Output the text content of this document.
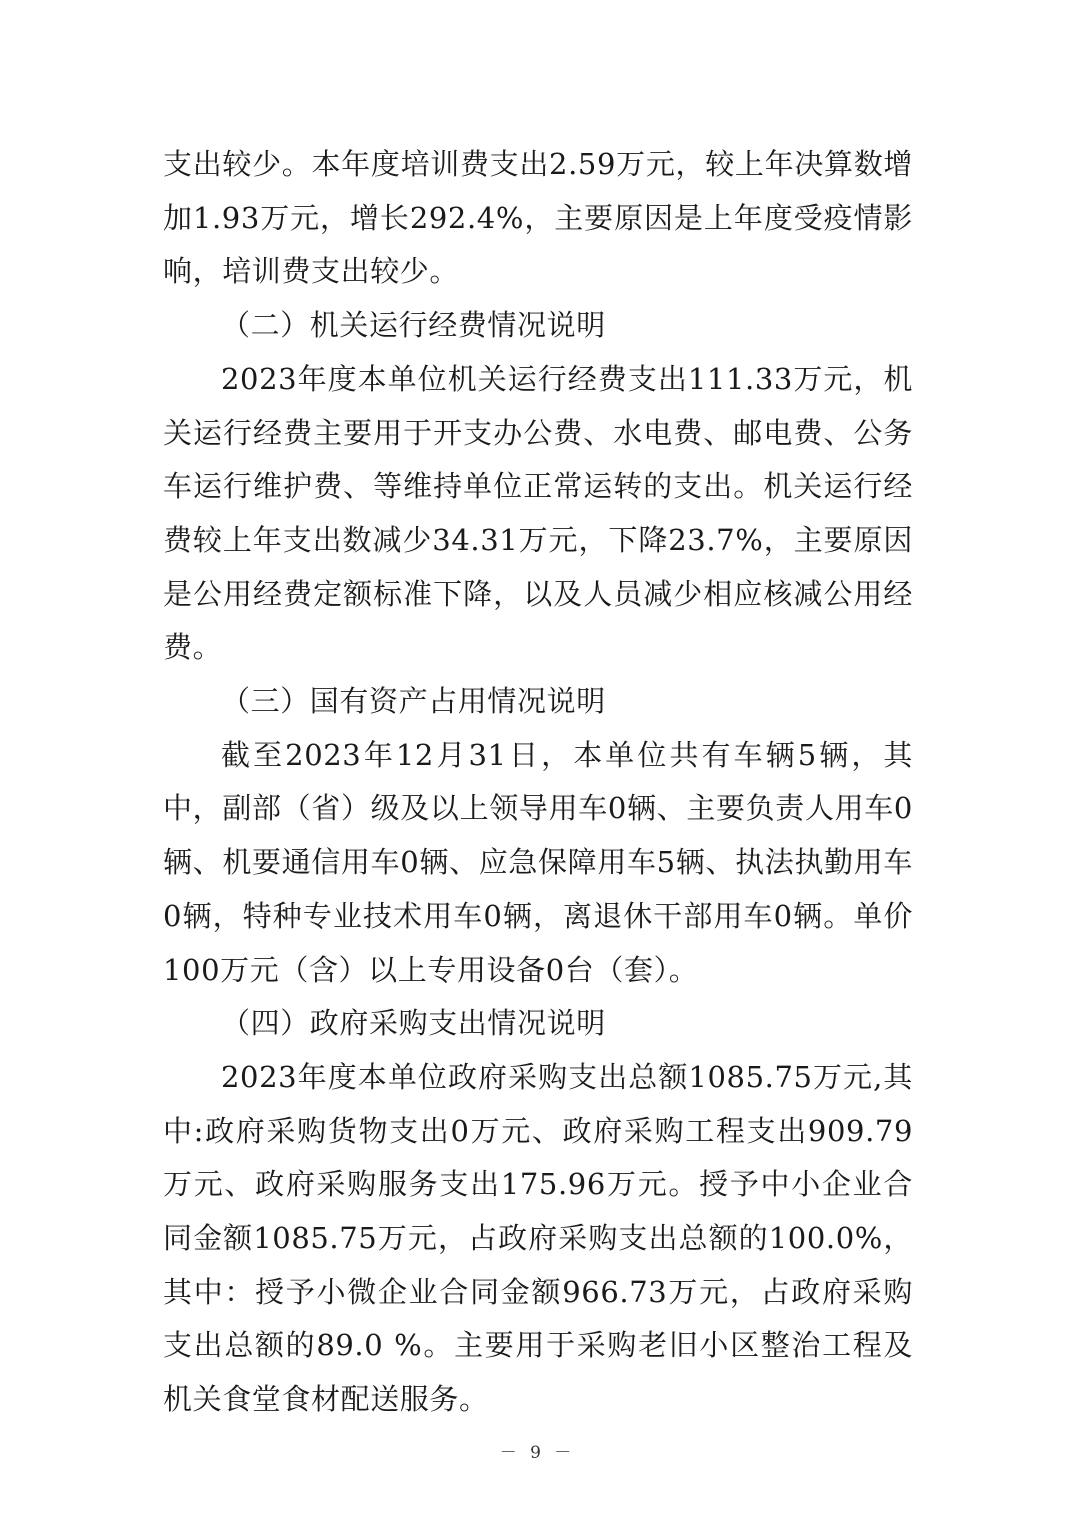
支出较少。本年度培训费支出2.59万元，较上年决算数增加1.93万元，增长292.4%，主要原因是上年度受疫情影响，培训费支出较少。

（二）机关运行经费情况说明

2023年度本单位机关运行经费支出111.33万元，机关运行经费主要用于开支办公费、水电费、邮电费、公务车运行维护费、等维持单位正常运转的支出。机关运行经费较上年支出数减少34.31万元，下降23.7%，主要原因是公用经费定额标准下降，以及人员减少相应核减公用经费。

（三）国有资产占用情况说明

截至2023年12月31日，本单位共有车辆5辆，其中，副部（省）级及以上领导用车0辆、主要负责人用车0辆、机要通信用车0辆、应急保障用车5辆、执法执勤用车0辆，特种专业技术用车0辆，离退休干部用车0辆。单价100万元（含）以上专用设备0台（套）。

（四）政府采购支出情况说明

2023年度本单位政府采购支出总额1085.75万元,其中:政府采购货物支出0万元、政府采购工程支出909.79万元、政府采购服务支出175.96万元。授予中小企业合同金额1085.75万元，占政府采购支出总额的100.0%，其中：授予小微企业合同金额966.73万元，占政府采购支出总额的89.0 %。主要用于采购老旧小区整治工程及机关食堂食材配送服务。

－ 9 －
